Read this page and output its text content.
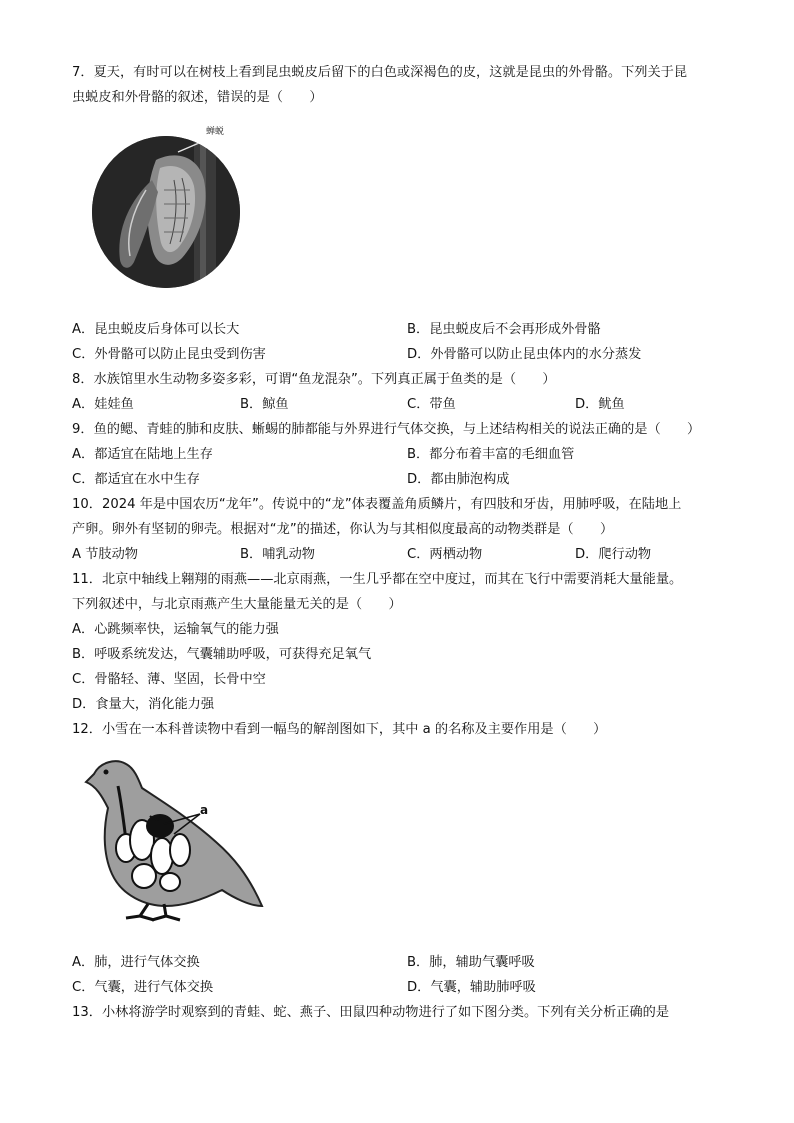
7．夏天，有时可以在树枝上看到昆虫蜕皮后留下的白色或深褐色的皮，这就是昆虫的外骨骼。下列关于昆
虫蜕皮和外骨骼的叙述，错误的是（　　）
蝉蜕
A．昆虫蜕皮后身体可以长大	B．昆虫蜕皮后不会再形成外骨骼
C．外骨骼可以防止昆虫受到伤害	D．外骨骼可以防止昆虫体内的水分蒸发
8．水族馆里水生动物多姿多彩，可谓“鱼龙混杂”。下列真正属于鱼类的是（　　）
A．娃娃鱼	B．鲸鱼	C．带鱼	D．鱿鱼
9．鱼的鳃、青蛙的肺和皮肤、蜥蜴的肺都能与外界进行气体交换，与上述结构相关的说法正确的是（　　）
A．都适宜在陆地上生存	B．都分布着丰富的毛细血管
C．都适宜在水中生存	D．都由肺泡构成
10．2024 年是中国农历“龙年”。传说中的“龙”体表覆盖角质鳞片，有四肢和牙齿，用肺呼吸，在陆地上
产卵。卵外有坚韧的卵壳。根据对“龙”的描述，你认为与其相似度最高的动物类群是（　　）
A 节肢动物	B．哺乳动物	C．两栖动物	D．爬行动物
11．北京中轴线上翱翔的雨燕——北京雨燕，一生几乎都在空中度过，而其在飞行中需要消耗大量能量。
下列叙述中，与北京雨燕产生大量能量无关的是（　　）
A．心跳频率快，运输氧气的能力强
B．呼吸系统发达，气囊辅助呼吸，可获得充足氧气
C．骨骼轻、薄、坚固，长骨中空
D．食量大，消化能力强
12．小雪在一本科普读物中看到一幅鸟的解剖图如下，其中 a 的名称及主要作用是（　　）
a
A．肺，进行气体交换	B．肺，辅助气囊呼吸
C．气囊，进行气体交换	D．气囊，辅助肺呼吸
13．小林将游学时观察到的青蛙、蛇、燕子、田鼠四种动物进行了如下图分类。下列有关分析正确的是
